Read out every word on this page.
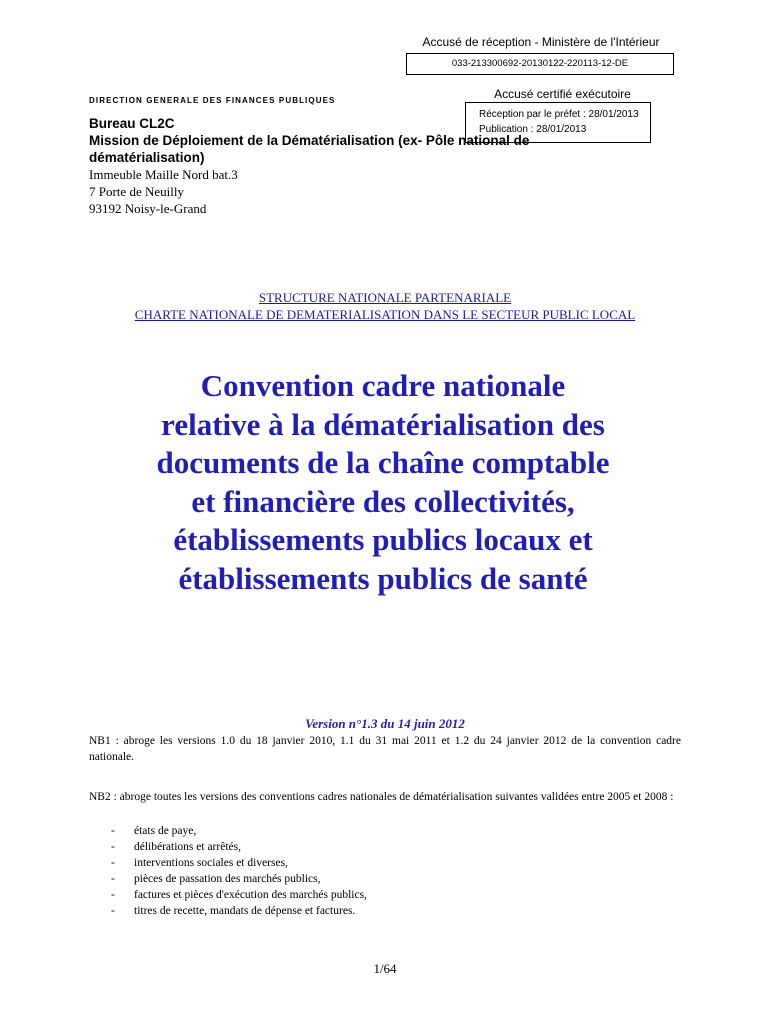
Accusé de réception - Ministère de l'Intérieur
033-213300692-20130122-220113-12-DE
Accusé certifié exécutoire
DIRECTION GENERALE DES FINANCES PUBLIQUES
Bureau CL2C
Mission de Déploiement de la Dématérialisation (ex- Pôle national de dématérialisation)
Immeuble Maille Nord bat.3
7 Porte de Neuilly
93192 Noisy-le-Grand
Réception par le préfet : 28/01/2013
Publication : 28/01/2013
STRUCTURE NATIONALE PARTENARIALE
CHARTE NATIONALE DE DEMATERIALISATION DANS LE SECTEUR PUBLIC LOCAL
Convention cadre nationale relative à la dématérialisation des documents de la chaîne comptable et financière des collectivités, établissements publics locaux et établissements publics de santé
Version n°1.3 du 14 juin 2012
NB1 : abroge les versions 1.0 du 18 janvier 2010, 1.1 du 31 mai 2011 et 1.2 du 24 janvier 2012 de la convention cadre nationale.
NB2 : abroge toutes les versions des conventions cadres nationales de dématérialisation suivantes validées entre 2005 et 2008 :
- états de paye,
- délibérations et arrêtés,
- interventions sociales et diverses,
- pièces de passation des marchés publics,
- factures et pièces d'exécution des marchés publics,
- titres de recette, mandats de dépense et factures.
1/64
